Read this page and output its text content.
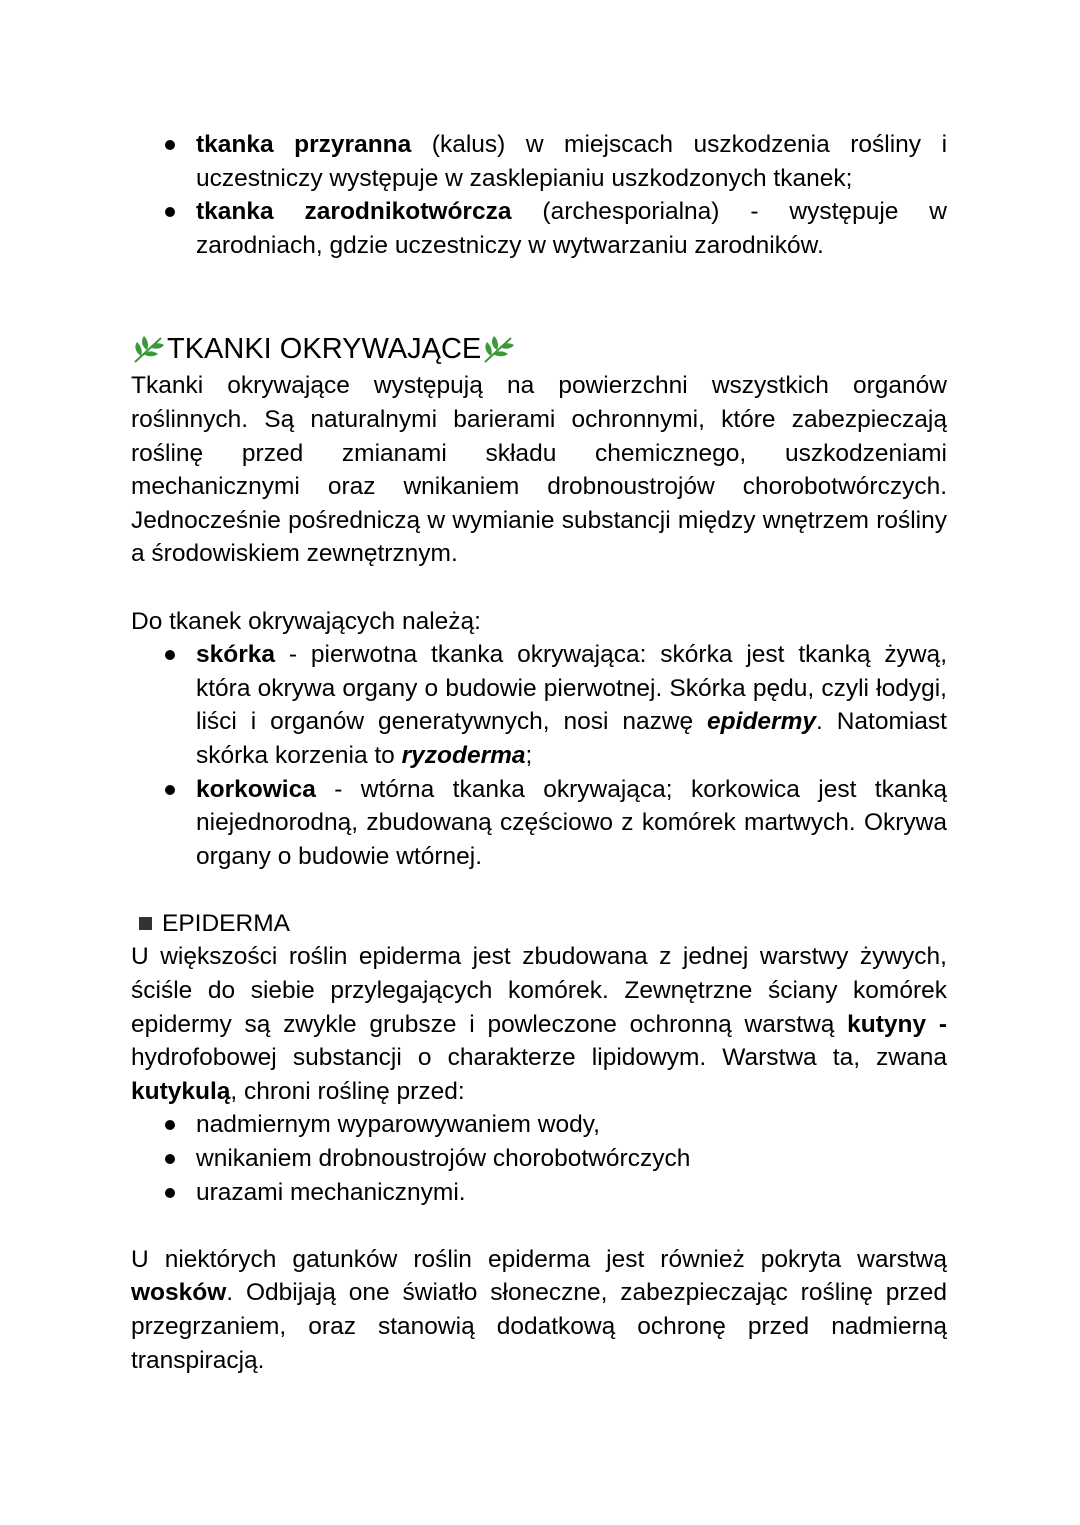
tkanka przyranna (kalus) w miejscach uszkodzenia rośliny i uczestniczy występuje w zasklepianiu uszkodzonych tkanek;
tkanka zarodnikotwórcza (archesporialna) - występuje w zarodniach, gdzie uczestniczy w wytwarzaniu zarodników.
TKANKI OKRYWAJĄCE

Tkanki okrywające występują na powierzchni wszystkich organów roślinnych. Są naturalnymi barierami ochronnymi, które zabezpieczają roślinę przed zmianami składu chemicznego, uszkodzeniami mechanicznymi oraz wnikaniem drobnoustrojów chorobotwórczych. Jednocześnie pośredniczą w wymianie substancji między wnętrzem rośliny a środowiskiem zewnętrznym.

Do tkanek okrywających należą:

skórka - pierwotna tkanka okrywająca: skórka jest tkanką żywą, która okrywa organy o budowie pierwotnej. Skórka pędu, czyli łodygi, liści i organów generatywnych, nosi nazwę epidermy. Natomiast skórka korzenia to ryzoderma;
korkowica - wtórna tkanka okrywająca; korkowica jest tkanką niejednorodną, zbudowaną częściowo z komórek martwych. Okrywa organy o budowie wtórnej.

EPIDERMA

U większości roślin epiderma jest zbudowana z jednej warstwy żywych, ściśle do siebie przylegających komórek. Zewnętrzne ściany komórek epidermy są zwykle grubsze i powleczone ochronną warstwą kutyny - hydrofobowej substancji o charakterze lipidowym. Warstwa ta, zwana kutykulą, chroni roślinę przed:

nadmiernym wyparowywaniem wody,
wnikaniem drobnoustrojów chorobotwórczych
urazami mechanicznymi.

U niektórych gatunków roślin epiderma jest również pokryta warstwą wosków. Odbijają one światło słoneczne, zabezpieczając roślinę przed przegrzaniem, oraz stanowią dodatkową ochronę przed nadmierną transpiracją.
